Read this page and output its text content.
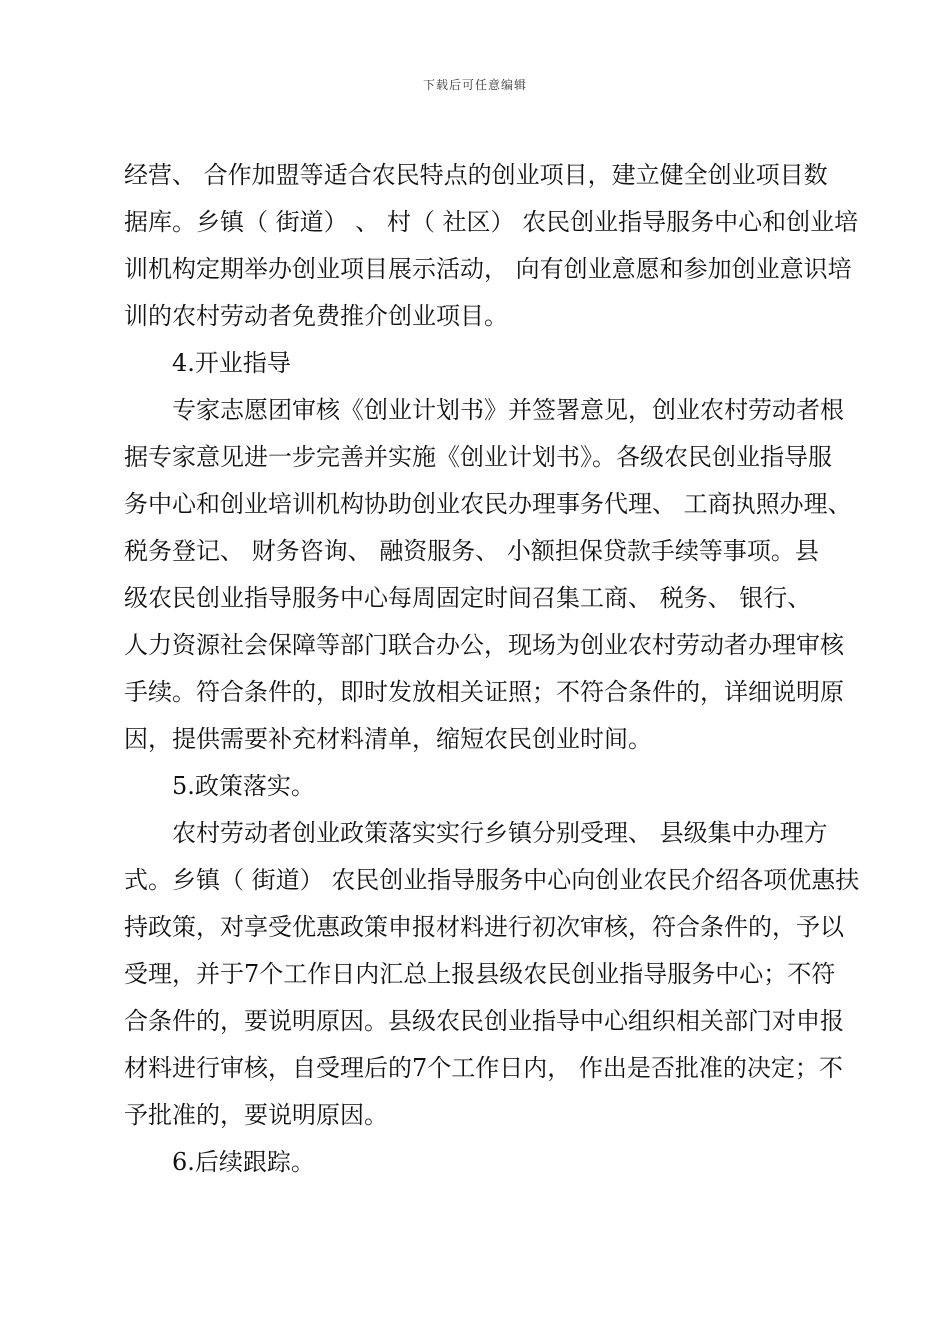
下载后可任意编辑
经营、 合作加盟等适合农民特点的创业项目，建立健全创业项目数
据库。乡镇（ 街道） 、 村（ 社区） 农民创业指导服务中心和创业培
训机构定期举办创业项目展示活动， 向有创业意愿和参加创业意识培
训的农村劳动者免费推介创业项目。
4.开业指导
专家志愿团审核《创业计划书》并签署意见，创业农村劳动者根
据专家意见进一步完善并实施《创业计划书》。各级农民创业指导服
务中心和创业培训机构协助创业农民办理事务代理、 工商执照办理、
税务登记、 财务咨询、 融资服务、 小额担保贷款手续等事项。县
级农民创业指导服务中心每周固定时间召集工商、 税务、 银行、
人力资源社会保障等部门联合办公，现场为创业农村劳动者办理审核
手续。符合条件的，即时发放相关证照；不符合条件的，详细说明原
因，提供需要补充材料清单，缩短农民创业时间。
5.政策落实。
农村劳动者创业政策落实实行乡镇分别受理、 县级集中办理方
式。乡镇（ 街道） 农民创业指导服务中心向创业农民介绍各项优惠扶
持政策，对享受优惠政策申报材料进行初次审核，符合条件的，予以
受理，并于7个工作日内汇总上报县级农民创业指导服务中心；不符
合条件的，要说明原因。县级农民创业指导中心组织相关部门对申报
材料进行审核，自受理后的7个工作日内， 作出是否批准的决定；不
予批准的，要说明原因。
6.后续跟踪。
